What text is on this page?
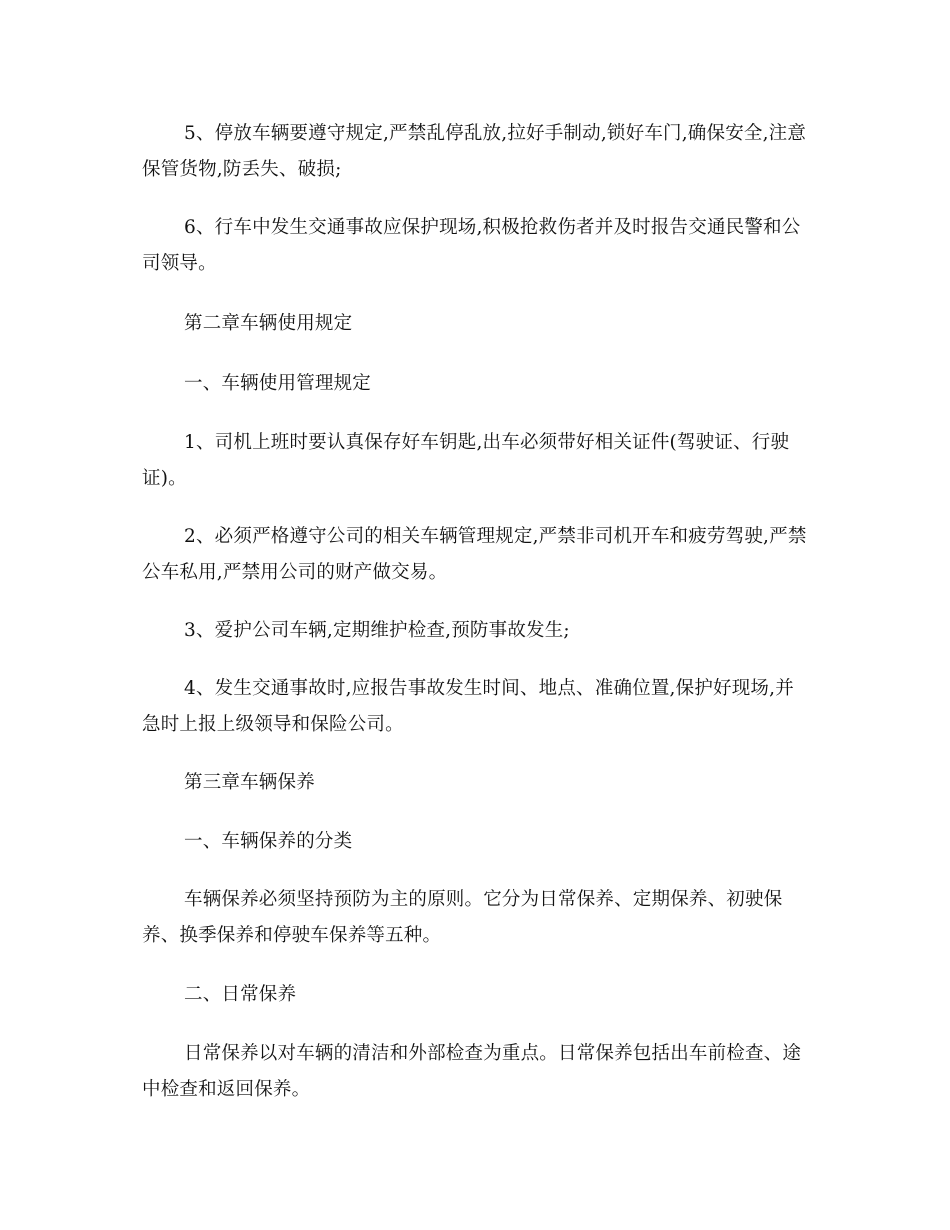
5、停放车辆要遵守规定,严禁乱停乱放,拉好手制动,锁好车门,确保安全,注意保管货物,防丢失、破损;

6、行车中发生交通事故应保护现场,积极抢救伤者并及时报告交通民警和公司领导。

第二章车辆使用规定

一、车辆使用管理规定

1、司机上班时要认真保存好车钥匙,出车必须带好相关证件(驾驶证、行驶证)。

2、必须严格遵守公司的相关车辆管理规定,严禁非司机开车和疲劳驾驶,严禁公车私用,严禁用公司的财产做交易。

3、爱护公司车辆,定期维护检查,预防事故发生;

4、发生交通事故时,应报告事故发生时间、地点、准确位置,保护好现场,并急时上报上级领导和保险公司。

第三章车辆保养

一、车辆保养的分类

车辆保养必须坚持预防为主的原则。它分为日常保养、定期保养、初驶保养、换季保养和停驶车保养等五种。

二、日常保养

日常保养以对车辆的清洁和外部检查为重点。日常保养包括出车前检查、途中检查和返回保养。
